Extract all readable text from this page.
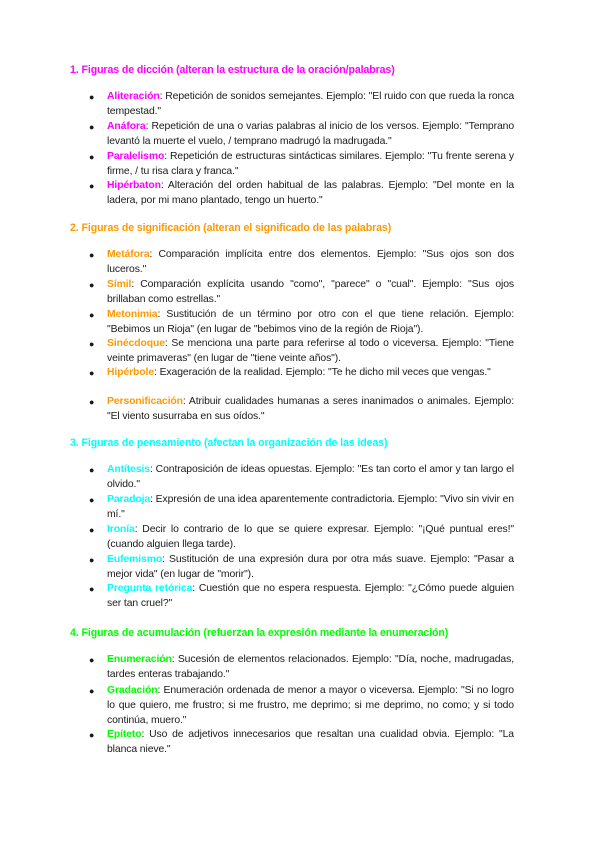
1. Figuras de dicción (alteran la estructura de la oración/palabras)
● Aliteración: Repetición de sonidos semejantes. Ejemplo: "El ruido con que rueda la ronca tempestad."
● Anáfora: Repetición de una o varias palabras al inicio de los versos. Ejemplo: "Temprano levantó la muerte el vuelo, / temprano madrugó la madrugada."
● Paralelismo: Repetición de estructuras sintácticas similares. Ejemplo: "Tu frente serena y firme, / tu risa clara y franca."
● Hipérbaton: Alteración del orden habitual de las palabras. Ejemplo: "Del monte en la ladera, por mi mano plantado, tengo un huerto."
2. Figuras de significación (alteran el significado de las palabras)
● Metáfora: Comparación implícita entre dos elementos. Ejemplo: "Sus ojos son dos luceros."
● Símil: Comparación explícita usando "como", "parece" o "cual". Ejemplo: "Sus ojos brillaban como estrellas."
● Metonimia: Sustitución de un término por otro con el que tiene relación. Ejemplo: "Bebimos un Rioja" (en lugar de "bebimos vino de la región de Rioja").
● Sinécdoque: Se menciona una parte para referirse al todo o viceversa. Ejemplo: "Tiene veinte primaveras" (en lugar de "tiene veinte años").
● Hipérbole: Exageración de la realidad. Ejemplo: "Te he dicho mil veces que vengas."
● Personificación: Atribuir cualidades humanas a seres inanimados o animales. Ejemplo: "El viento susurraba en sus oídos."
3. Figuras de pensamiento (afectan la organización de las ideas)
● Antítesis: Contraposición de ideas opuestas. Ejemplo: "Es tan corto el amor y tan largo el olvido."
● Paradoja: Expresión de una idea aparentemente contradictoria. Ejemplo: "Vivo sin vivir en mí."
● Ironía: Decir lo contrario de lo que se quiere expresar. Ejemplo: "¡Qué puntual eres!" (cuando alguien llega tarde).
● Eufemismo: Sustitución de una expresión dura por otra más suave. Ejemplo: "Pasar a mejor vida" (en lugar de "morir").
● Pregunta retórica: Cuestión que no espera respuesta. Ejemplo: "¿Cómo puede alguien ser tan cruel?"
4. Figuras de acumulación (refuerzan la expresión mediante la enumeración)
● Enumeración: Sucesión de elementos relacionados. Ejemplo: "Día, noche, madrugadas, tardes enteras trabajando."
● Gradación: Enumeración ordenada de menor a mayor o viceversa. Ejemplo: "Si no logro lo que quiero, me frustro; si me frustro, me deprimo; si me deprimo, no como; y si todo continúa, muero."
● Epíteto: Uso de adjetivos innecesarios que resaltan una cualidad obvia. Ejemplo: "La blanca nieve."
